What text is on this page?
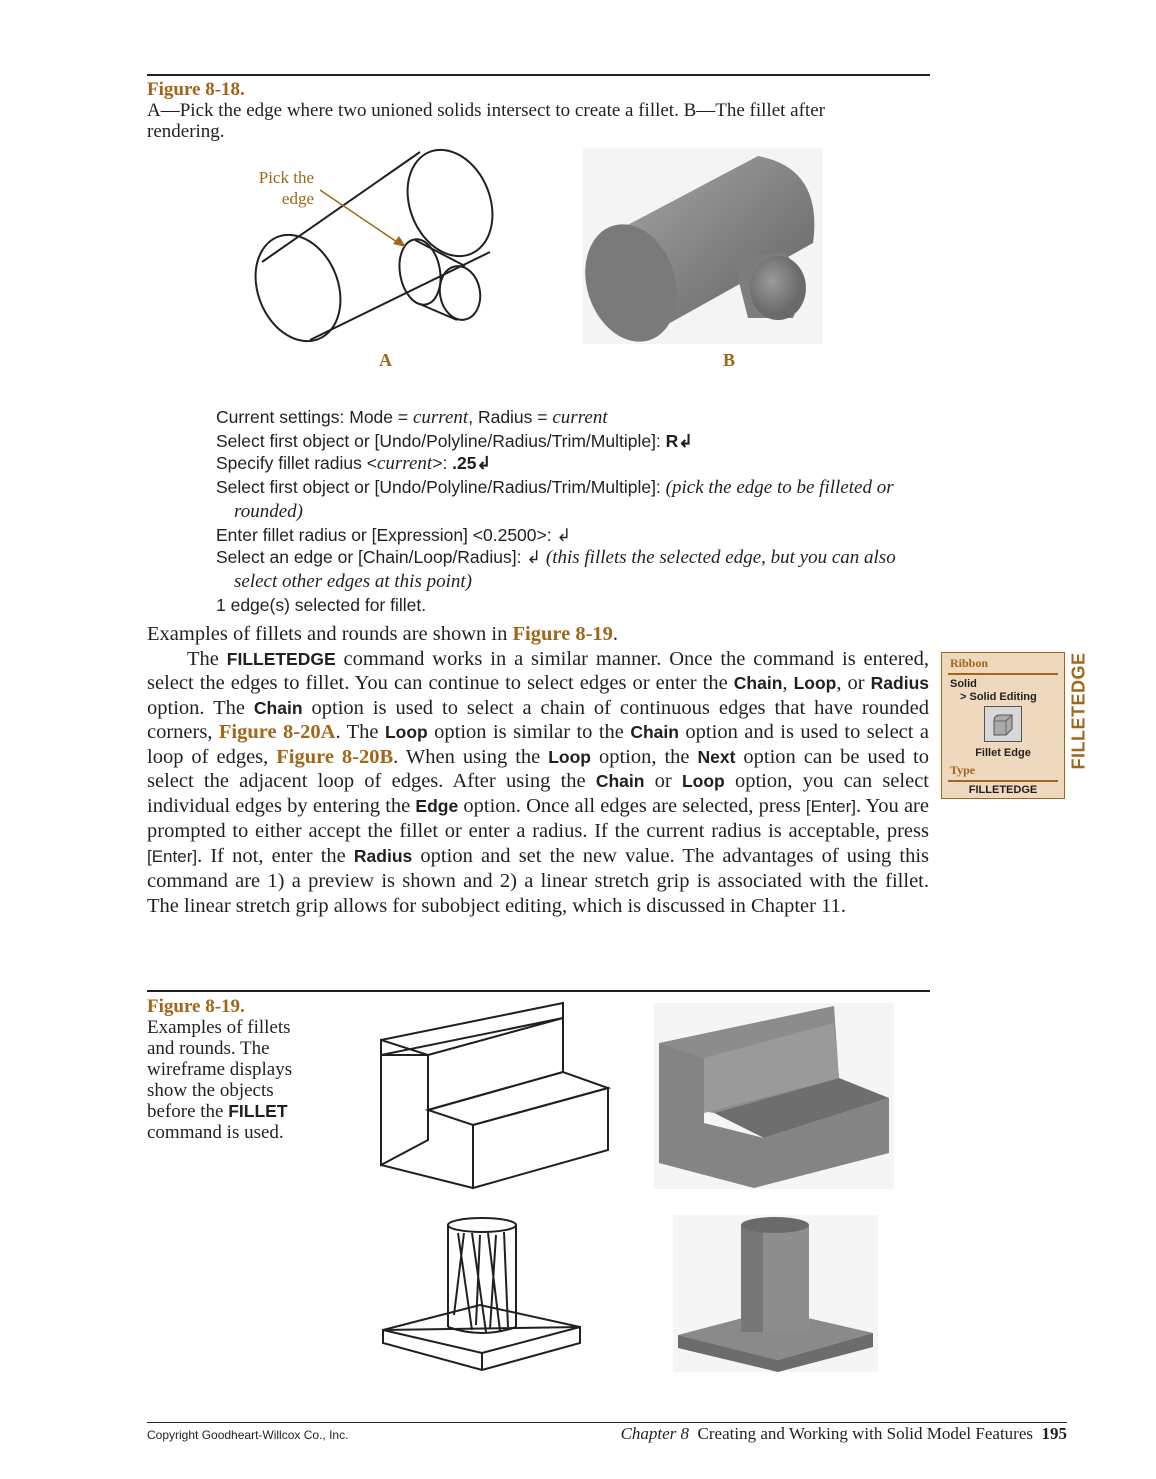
Figure 8-18.
A—Pick the edge where two unioned solids intersect to create a fillet. B—The fillet after rendering.
Pick the
edge
A	B
Current settings: Mode = current, Radius = current
Select first object or [Undo/Polyline/Radius/Trim/Multiple]: R↲
Specify fillet radius <current>: .25↲
Select first object or [Undo/Polyline/Radius/Trim/Multiple]: (pick the edge to be filleted or rounded)
Enter fillet radius or [Expression] <0.2500>: ↲
Select an edge or [Chain/Loop/Radius]: ↲ (this fillets the selected edge, but you can also select other edges at this point)
1 edge(s) selected for fillet.

Examples of fillets and rounds are shown in Figure 8-19.

The FILLETEDGE command works in a similar manner. Once the command is entered, select the edges to fillet. You can continue to select edges or enter the Chain, Loop, or Radius option. The Chain option is used to select a chain of continuous edges that have rounded corners, Figure 8-20A. The Loop option is similar to the Chain option and is used to select a loop of edges, Figure 8-20B. When using the Loop option, the Next option can be used to select the adjacent loop of edges. After using the Chain or Loop option, you can select individual edges by entering the Edge option. Once all edges are selected, press [Enter]. You are prompted to either accept the fillet or enter a radius. If the current radius is acceptable, press [Enter]. If not, enter the Radius option and set the new value. The advantages of using this command are 1) a preview is shown and 2) a linear stretch grip is associated with the fillet. The linear stretch grip allows for subobject editing, which is discussed in Chapter 11.

Ribbon
Solid
> Solid Editing
Fillet Edge
Type
FILLETEDGE
FILLETEDGE
Figure 8-19.
Examples of fillets and rounds. The wireframe displays show the objects before the FILLET command is used.
Copyright Goodheart-Willcox Co., Inc.	Chapter 8 Creating and Working with Solid Model Features 195
